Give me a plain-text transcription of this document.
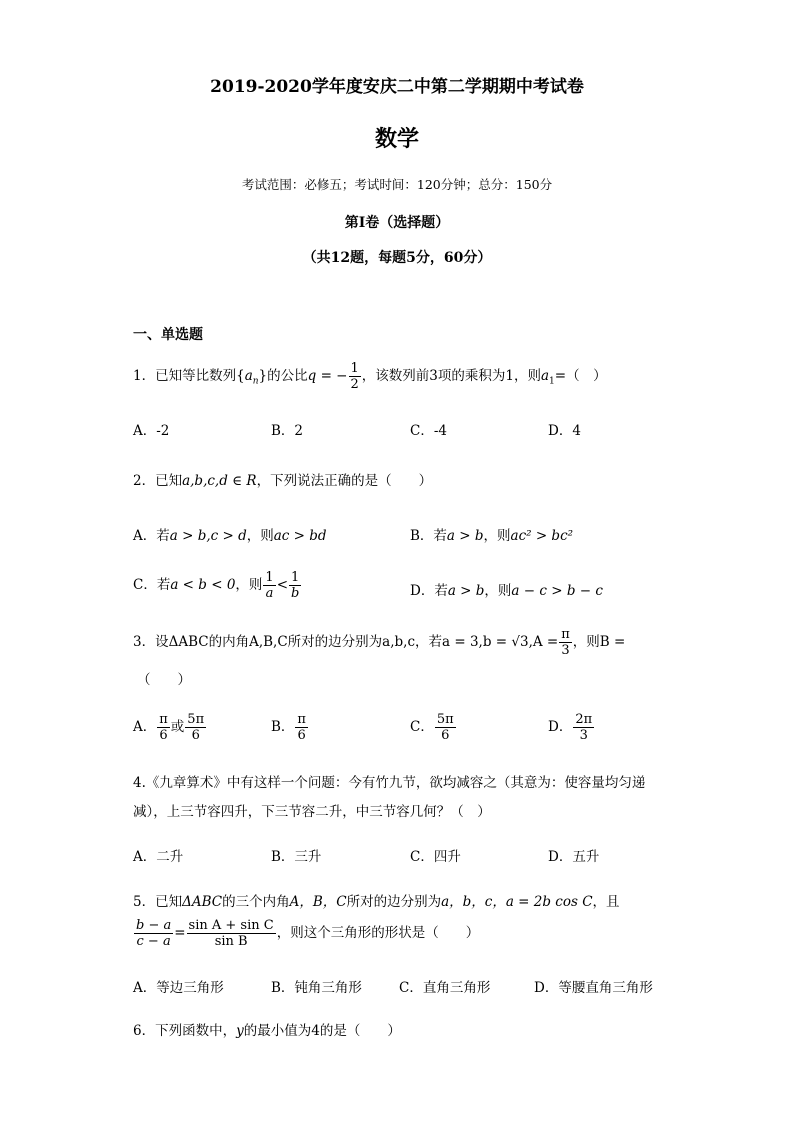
2019-2020学年度安庆二中第二学期期中考试卷
数学
考试范围：必修五；考试时间：120分钟；总分：150分
第I卷（选择题）
（共12题，每题5分，60分）
一、单选题
1．已知等比数列$\{a_n\}$的公比q = − $\frac{1}{2}$ ，该数列前3项的乘积为1，则$a_1=$（　）
A．-2	B．2	C．-4	D．4
2．已知a,b,c,d ∈ R，下列说法正确的是（　　）
A．若a > b,c > d，则ac > bd	B．若a > b，则ac² > bc²
C．若a < b < 0，则 $\frac{1}{a} < \frac{1}{b}$	D．若a > b，则a − c > b − c
3．设ΔABC的内角A,B,C所对的边分别为a,b,c，若$a = 3,b = √3,A = \frac{\pi}{3}$ ，则B =
（　　）
A． $\frac{\pi}{6}$ 或 $\frac{5\pi}{6}$	B． $\frac{\pi}{6}$	C． $\frac{5\pi}{6}$	D． $\frac{2\pi}{3}$
4.《九章算术》中有这样一个问题：今有竹九节，欲均减容之（其意为：使容量均匀递
减），上三节容四升，下三节容二升，中三节容几何？（　）
A．二升	B．三升	C．四升	D．五升
5．已知ΔABC的三个内角A，B，C所对的边分别为a，b，c，a = 2b cos C，且
$\frac{b - a}{c - a} = \frac{\text{sin A + sin C}}{\text{sin B}}$ ，则这个三角形的形状是（　　）
A．等边三角形	B．钝角三角形	C．直角三角形	D．等腰直角三角形
6．下列函数中，y的最小值为4的是（　　）
